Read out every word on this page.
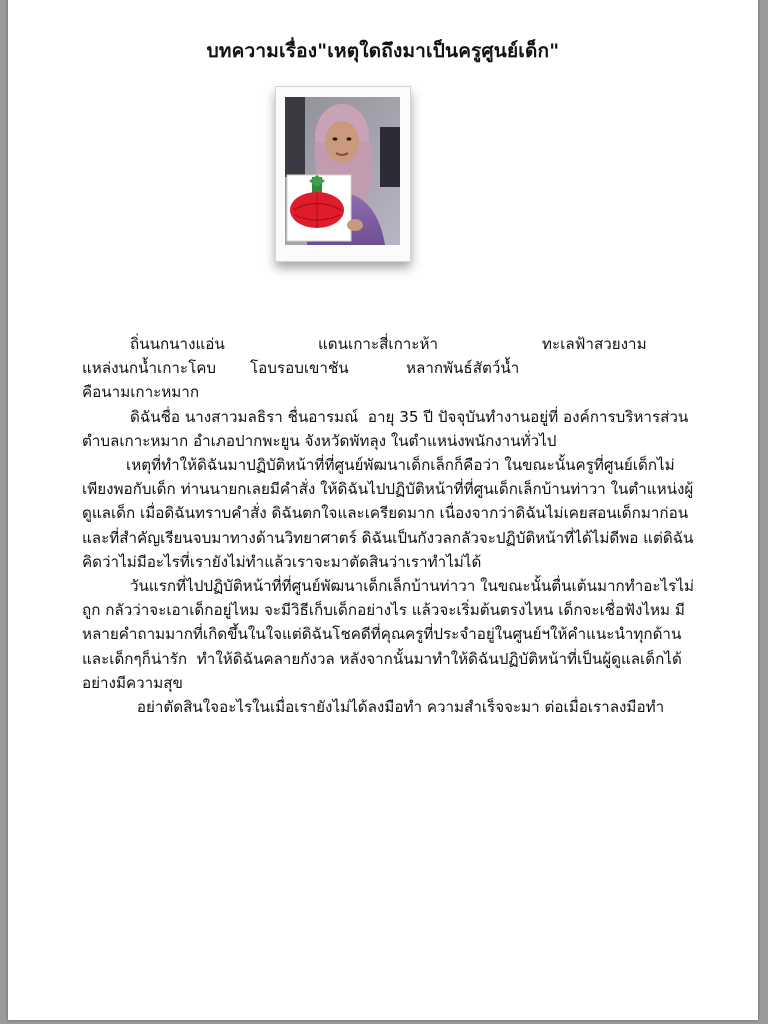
บทความเรื่อง"เหตุใดถึงมาเป็นครูศูนย์เด็ก"
ถิ่นนกนางแอ่น	แดนเกาะสี่เกาะห้า	ทะเลฟ้าสวยงาม
แหล่งนกน้ำเกาะโคบ	โอบรอบเขาชัน	หลากพันธ์สัตว์น้ำ
คือนามเกาะหมาก

ดิฉันชื่อ นางสาวมลธิรา ชื่นอารมณ์  อายุ 35 ปี ปัจจุบันทำงานอยู่ที่ องค์การบริหารส่วนตำบลเกาะหมาก อำเภอปากพะยูน จังหวัดพัทลุง ในตำแหน่งพนักงานทั่วไป

เหตุที่ทำให้ดิฉันมาปฏิบัติหน้าที่ที่ศูนย์พัฒนาเด็กเล็กก็คือว่า ในขณะนั้นครูที่ศูนย์เด็กไม่เพียงพอกับเด็ก ท่านนายกเลยมีคำสั่ง ให้ดิฉันไปปฏิบัติหน้าที่ที่ศูนเด็กเล็กบ้านท่าวา ในตำแหน่งผู้ดูแลเด็ก เมื่อดิฉันทราบคำสั่ง ดิฉันตกใจและเครียดมาก เนื่องจากว่าดิฉันไม่เคยสอนเด็กมาก่อน และที่สำคัญเรียนจบมาทางด้านวิทยาศาตร์ ดิฉันเป็นกังวลกลัวจะปฏิบัติหน้าที่ได้ไม่ดีพอ แต่ดิฉันคิดว่าไม่มีอะไรที่เรายังไม่ทำแล้วเราจะมาตัดสินว่าเราทำไม่ได้

วันแรกที่ไปปฏิบัติหน้าที่ที่ศูนย์พัฒนาเด็กเล็กบ้านท่าวา ในขณะนั้นตื่นเต้นมากทำอะไรไม่ถูก กลัวว่าจะเอาเด็กอยู่ไหม จะมีวิธีเก็บเด็กอย่างไร แล้วจะเริ่มต้นตรงไหน เด็กจะเชื่อฟังไหม มีหลายคำถามมากที่เกิดขึ้นในใจแต่ดิฉันโชคดีที่คุณครูที่ประจำอยู่ในศูนย์ฯให้คำแนะนำทุกด้านและเด็กๆก็น่ารัก  ทำให้ดิฉันคลายกังวล หลังจากนั้นมาทำให้ดิฉันปฏิบัติหน้าที่เป็นผู้ดูแลเด็กได้อย่างมีความสุข

อย่าตัดสินใจอะไรในเมื่อเรายังไม่ได้ลงมือทำ ความสำเร็จจะมา ต่อเมื่อเราลงมือทำ
